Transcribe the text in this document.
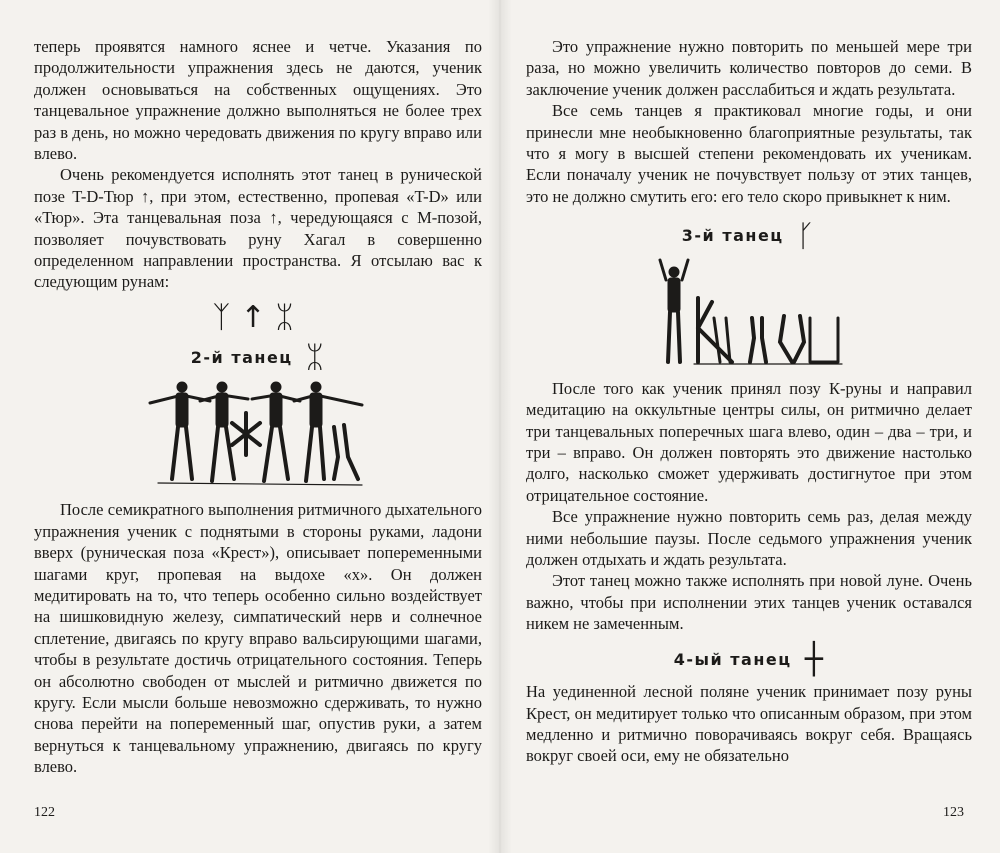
теперь проявятся намного яснее и четче. Указания по продолжительности упражнения здесь не даются, ученик должен основываться на собственных ощущениях. Это танцевальное упражнение должно выполняться не более трех раз в день, но можно чередовать движения по кругу вправо или влево.

Очень рекомендуется исполнять этот танец в рунической позе T-D-Тюр ↑, при этом, естественно, пропевая «T-D» или «Тюр». Эта танцевальная поза ↑, чередующаяся с M-позой, позволяет почувствовать руну Хагал в совершенно определенном направлении пространства. Я отсылаю вас к следующим рунам:

ᛉ↑ᛯ
2-й танец ᛯ

После семикратного выполнения ритмичного дыхательного упражнения ученик с поднятыми в стороны руками, ладони вверх (руническая поза «Крест»), описывает попеременными шагами круг, пропевая на выдохе «х». Он должен медитировать на то, что теперь особенно сильно воздействует на шишковидную железу, симпатический нерв и солнечное сплетение, двигаясь по кругу вправо вальсирующими шагами, чтобы в результате достичь отрицательного состояния. Теперь он абсолютно свободен от мыслей и ритмично движется по кругу. Если мысли больше невозможно сдерживать, то нужно снова перейти на попеременный шаг, опустив руки, а затем вернуться к танцевальному упражнению, двигаясь по кругу влево.

122

Это упражнение нужно повторить по меньшей мере три раза, но можно увеличить количество повторов до семи. В заключение ученик должен расслабиться и ждать результата.

Все семь танцев я практиковал многие годы, и они принесли мне необыкновенно благоприятные результаты, так что я могу в высшей степени рекомендовать их ученикам. Если поначалу ученик не почувствует пользу от этих танцев, это не должно смутить его: его тело скоро привыкнет к ним.

3-й танец ᚴ

После того как ученик принял позу К-руны и направил медитацию на оккультные центры силы, он ритмично делает три танцевальных поперечных шага влево, один – два – три, и три – вправо. Он должен повторять это движение настолько долго, насколько сможет удерживать достигнутое при этом отрицательное состояние.

Все упражнение нужно повторить семь раз, делая между ними небольшие паузы. После седьмого упражнения ученик должен отдыхать и ждать результата.

Этот танец можно также исполнять при новой луне. Очень важно, чтобы при исполнении этих танцев ученик оставался никем не замеченным.

4-ый танец ┼

На уединенной лесной поляне ученик принимает позу руны Крест, он медитирует только что описанным образом, при этом медленно и ритмично поворачиваясь вокруг себя. Вращаясь вокруг своей оси, ему не обязательно

123
